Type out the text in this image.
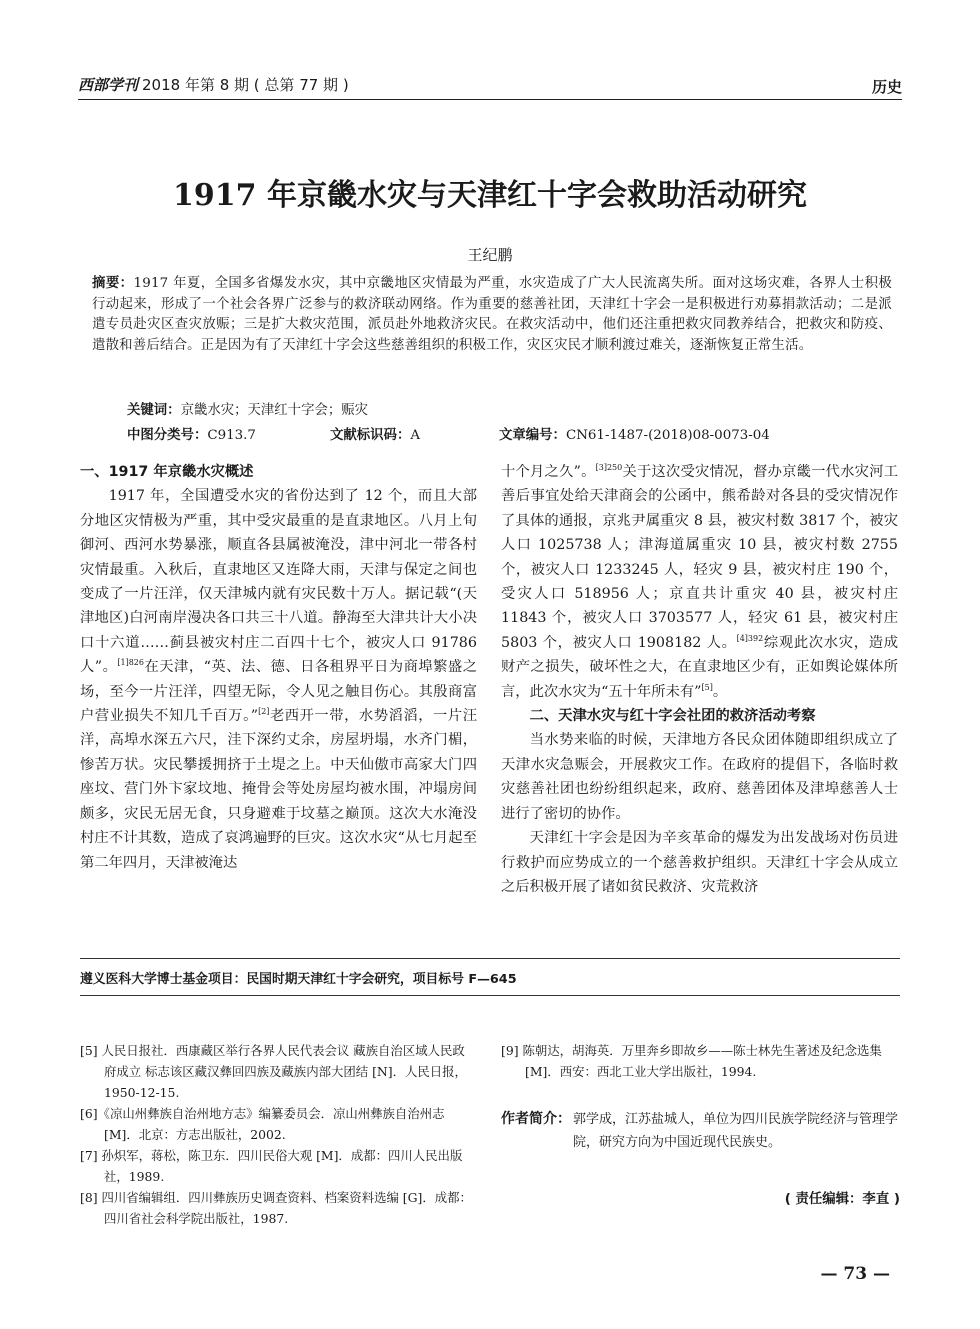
西部学刊 2018 年第 8 期 ( 总第 77 期 )	历史
1917 年京畿水灾与天津红十字会救助活动研究
王纪鹏
摘要：1917 年夏，全国多省爆发水灾，其中京畿地区灾情最为严重，水灾造成了广大人民流离失所。面对这场灾难，各界人士积极行动起来，形成了一个社会各界广泛参与的救济联动网络。作为重要的慈善社团，天津红十字会一是积极进行劝募捐款活动；二是派遣专员赴灾区查灾放赈；三是扩大救灾范围，派员赴外地救济灾民。在救灾活动中，他们还注重把救灾同教养结合，把救灾和防疫、遣散和善后结合。正是因为有了天津红十字会这些慈善组织的积极工作，灾区灾民才顺利渡过难关，逐渐恢复正常生活。
关键词：京畿水灾；天津红十字会；赈灾
中图分类号：C913.7	文献标识码：A	文章编号：CN61-1487-(2018)08-0073-04
一、1917 年京畿水灾概述

1917 年，全国遭受水灾的省份达到了 12 个，而且大部分地区灾情极为严重，其中受灾最重的是直隶地区。八月上旬御河、西河水势暴涨，顺直各县属被淹没，津中河北一带各村灾情最重。入秋后，直隶地区又连降大雨，天津与保定之间也变成了一片汪洋，仅天津城内就有灾民数十万人。据记载“(天津地区)白河南岸漫决各口共三十八道。静海至大津共计大小决口十六道……蓟县被灾村庄二百四十七个，被灾人口 91786 人”。$^{[1]826}$在天津，“英、法、德、日各租界平日为商埠繁盛之场，至今一片汪洋，四望无际，令人见之触目伤心。其殷商富户营业损失不知几千百万。”[2]老西开一带，水势滔滔，一片汪洋，高埠水深五六尺，洼下深约丈余，房屋坍塌，水齐门楣，惨苦万状。灾民攀援拥挤于土堤之上。中天仙傲市高家大门四座坟、营门外卞家坟地、掩骨会等处房屋均被水围，冲塌房间颇多，灾民无居无食，只身避难于坟墓之巅顶。这次大水淹没村庄不计其数，造成了哀鸿遍野的巨灾。这次水灾“从七月起至第二年四月，天津被淹达

十个月之久”。$^{[3]250}$关于这次受灾情况，督办京畿一代水灾河工善后事宜处给天津商会的公函中，熊希龄对各县的受灾情况作了具体的通报，京兆尹属重灾 8 县，被灾村数 3817 个，被灾人口 1025738 人；津海道属重灾 10 县，被灾村数 2755 个，被灾人口 1233245 人，轻灾 9 县，被灾村庄 190 个，受灾人口 518956 人；京直共计重灾 40 县，被灾村庄 11843 个，被灾人口 3703577 人，轻灾 61 县，被灾村庄 5803 个，被灾人口 1908182 人。$^{[4]392}$综观此次水灾，造成财产之损失，破坏性之大，在直隶地区少有，正如舆论媒体所言，此次水灾为“五十年所未有”[5]。

二、天津水灾与红十字会社团的救济活动考察

当水势来临的时候，天津地方各民众团体随即组织成立了天津水灾急赈会，开展救灾工作。在政府的提倡下，各临时救灾慈善社团也纷纷组织起来，政府、慈善团体及津埠慈善人士进行了密切的协作。

天津红十字会是因为辛亥革命的爆发为出发战场对伤员进行救护而应势成立的一个慈善救护组织。天津红十字会从成立之后积极开展了诸如贫民救济、灾荒救济

遵义医科大学博士基金项目：民国时期天津红十字会研究，项目标号 F—645
[5] 人民日报社．西康藏区举行各界人民代表会议 藏族自治区域人民政府成立 标志该区藏汉彝回四族及藏族内部大团结 [N]．人民日报，1950-12-15.
[6]《凉山州彝族自治州地方志》编纂委员会．凉山州彝族自治州志 [M]．北京：方志出版社，2002.
[7] 孙炽军，蒋松，陈卫东．四川民俗大观 [M]．成都：四川人民出版社，1989.
[8] 四川省编辑组．四川彝族历史调查资料、档案资料选编 [G]．成都：四川省社会科学院出版社，1987.
[9] 陈朝达，胡海英．万里奔乡即故乡——陈士林先生著述及纪念选集 [M]．西安：西北工业大学出版社，1994.
作者简介： 郭学成，江苏盐城人，单位为四川民族学院经济与管理学院，研究方向为中国近现代民族史。
( 责任编辑：李直 )
— 73 —
